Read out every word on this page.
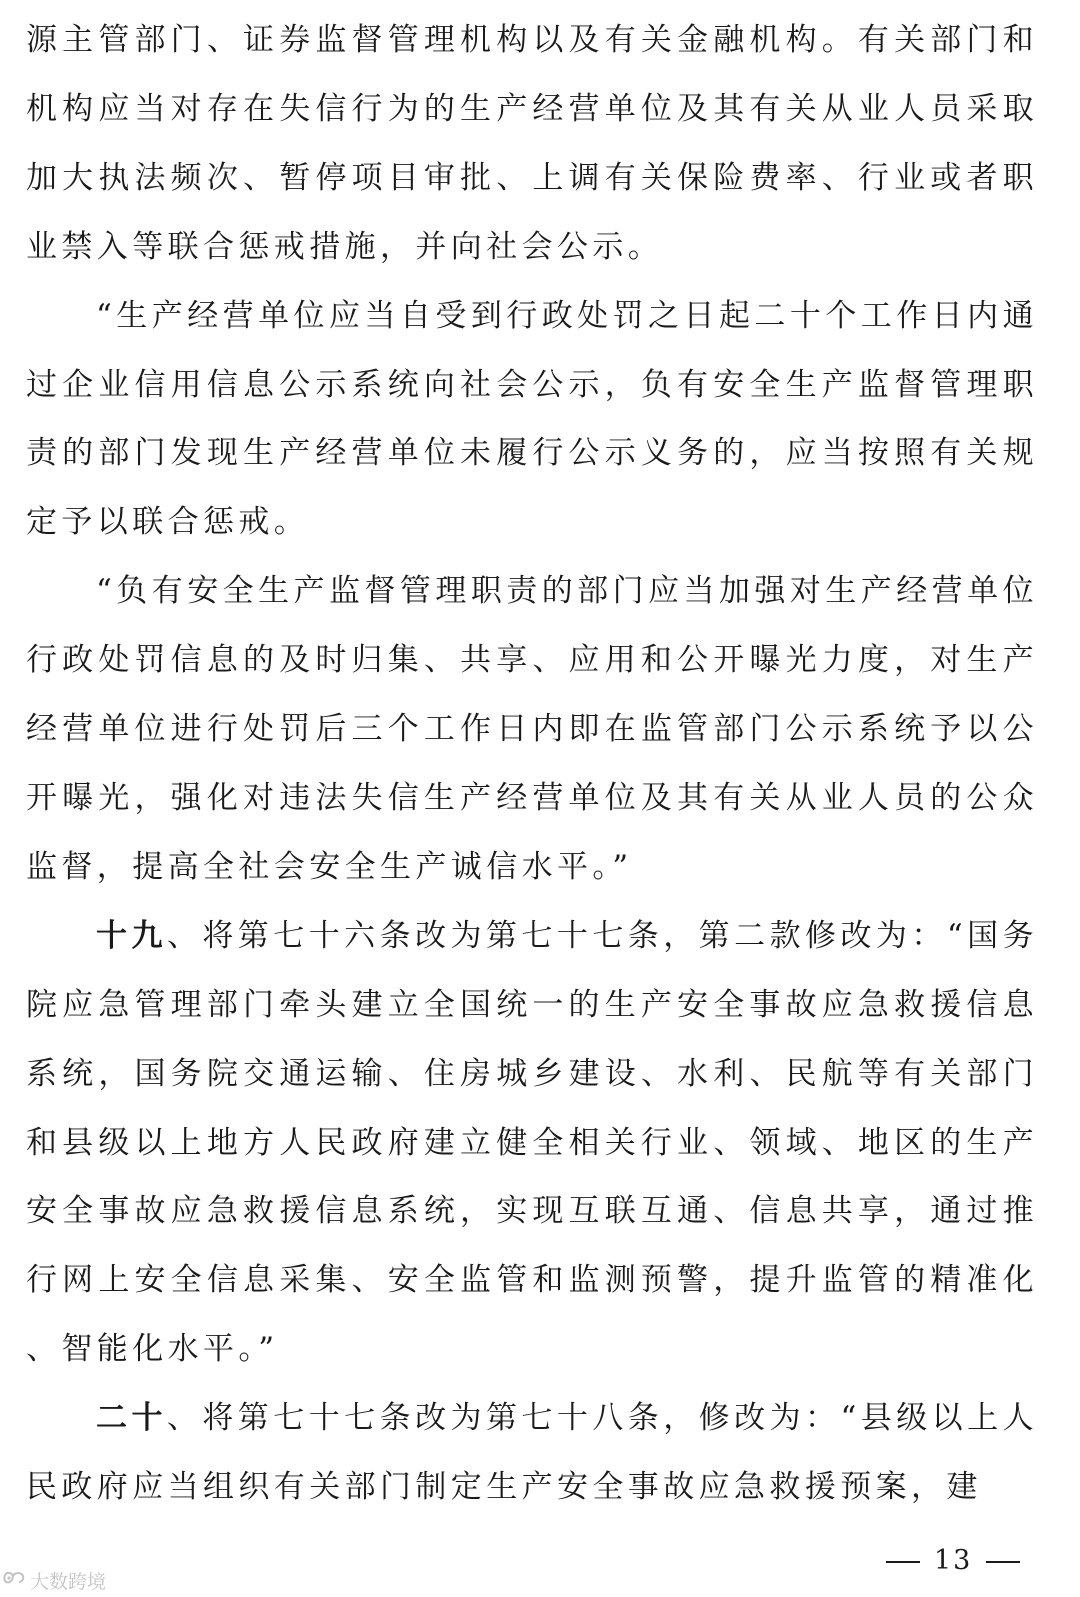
源主管部门、证券监督管理机构以及有关金融机构。有关部门和机构应当对存在失信行为的生产经营单位及其有关从业人员采取加大执法频次、暂停项目审批、上调有关保险费率、行业或者职业禁入等联合惩戒措施，并向社会公示。

“生产经营单位应当自受到行政处罚之日起二十个工作日内通过企业信用信息公示系统向社会公示，负有安全生产监督管理职责的部门发现生产经营单位未履行公示义务的，应当按照有关规定予以联合惩戒。

“负有安全生产监督管理职责的部门应当加强对生产经营单位行政处罚信息的及时归集、共享、应用和公开曝光力度，对生产经营单位进行处罚后三个工作日内即在监管部门公示系统予以公开曝光，强化对违法失信生产经营单位及其有关从业人员的公众监督，提高全社会安全生产诚信水平。”

十九、将第七十六条改为第七十七条，第二款修改为：“国务院应急管理部门牵头建立全国统一的生产安全事故应急救援信息系统，国务院交通运输、住房城乡建设、水利、民航等有关部门和县级以上地方人民政府建立健全相关行业、领域、地区的生产安全事故应急救援信息系统，实现互联互通、信息共享，通过推行网上安全信息采集、安全监管和监测预警，提升监管的精准化、智能化水平。”

二十、将第七十七条改为第七十八条，修改为：“县级以上人民政府应当组织有关部门制定生产安全事故应急救援预案，建

13
大数跨境
